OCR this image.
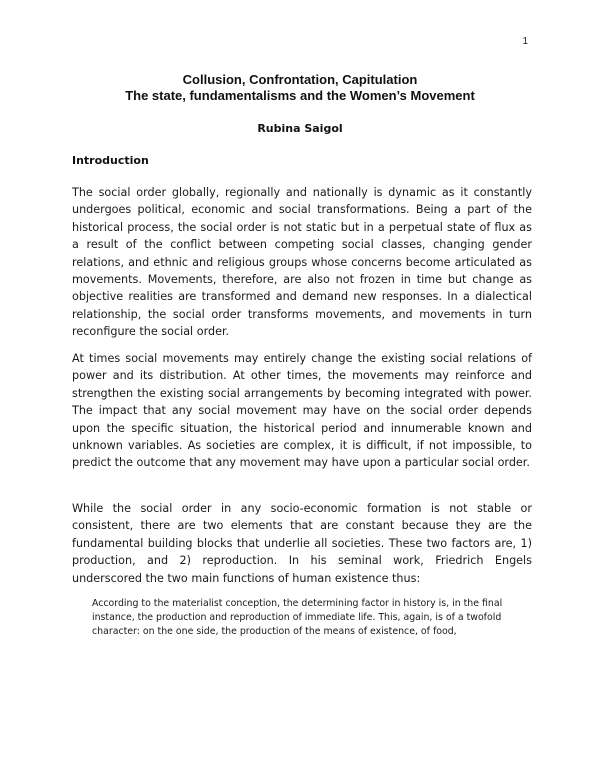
1
Collusion, Confrontation, Capitulation
The state, fundamentalisms and the Women’s Movement
Rubina Saigol
Introduction

The social order globally, regionally and nationally is dynamic as it constantly undergoes political, economic and social transformations. Being a part of the historical process, the social order is not static but in a perpetual state of flux as a result of the conflict between competing social classes, changing gender relations, and ethnic and religious groups whose concerns become articulated as movements. Movements, therefore, are also not frozen in time but change as objective realities are transformed and demand new responses. In a dialectical relationship, the social order transforms movements, and movements in turn reconfigure the social order.

At times social movements may entirely change the existing social relations of power and its distribution. At other times, the movements may reinforce and strengthen the existing social arrangements by becoming integrated with power. The impact that any social movement may have on the social order depends upon the specific situation, the historical period and innumerable known and unknown variables. As societies are complex, it is difficult, if not impossible, to predict the outcome that any movement may have upon a particular social order.

While the social order in any socio-economic formation is not stable or consistent, there are two elements that are constant because they are the fundamental building blocks that underlie all societies. These two factors are, 1) production, and 2) reproduction. In his seminal work, Friedrich Engels underscored the two main functions of human existence thus:

According to the materialist conception, the determining factor in history is, in the final instance, the production and reproduction of immediate life. This, again, is of a twofold character: on the one side, the production of the means of existence, of food,
